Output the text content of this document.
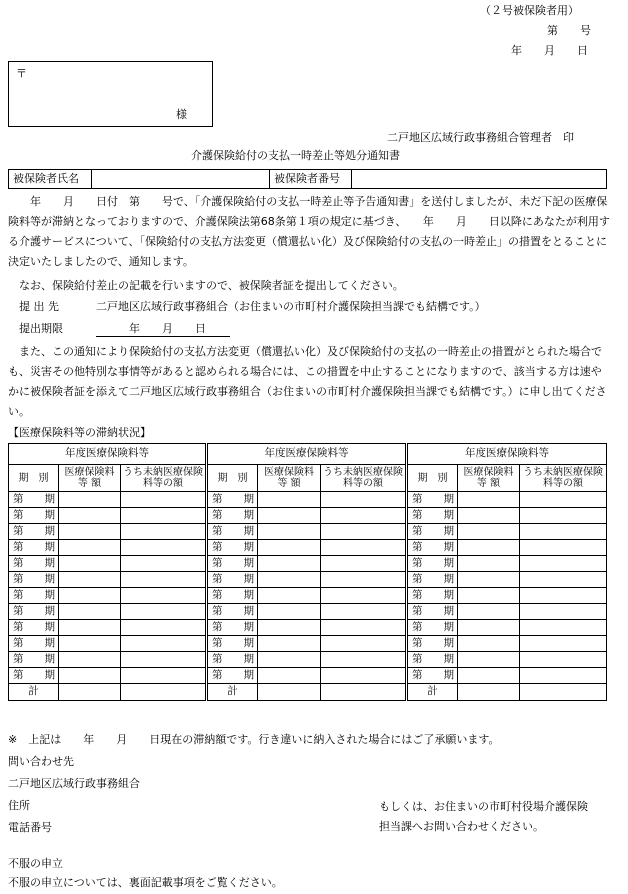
（２号被保険者用）
第　　号
年　　月　　日
〒
様
二戸地区広域行政事務組合管理者　印
介護保険給付の支払一時差止等処分通知書
被保険者氏名	被保険者番号
　　年　　月　　日付　第　　号で、「介護保険給付の支払一時差止等予告通知書」を送付しましたが、未だ下記の医療保険料等が滞納となっておりますので、介護保険法第68条第１項の規定に基づき、　　年　　月　　日以降にあなたが利用する介護サービスについて、「保険給付の支払方法変更（償還払い化）及び保険給付の支払の一時差止」の措置をとることに決定いたしましたので、通知します。
　なお、保険給付差止の記載を行いますので、被保険者証を提出してください。
　提 出 先	二戸地区広域行政事務組合（お住まいの市町村介護保険担当課でも結構です。）
　提出期限	　　　年　　月　　日
　また、この通知により保険給付の支払方法変更（償還払い化）及び保険給付の支払の一時差止の措置がとられた場合でも、災害その他特別な事情等があると認められる場合には、この措置を中止することになりますので、該当する方は速やかに被保険者証を添えて二戸地区広域行政事務組合（お住まいの市町村介護保険担当課でも結構です。）に申し出てください。
【医療保険料等の滞納状況】
年度医療保険料等		
期　別	医療保険料 等 額	うち未納医療保険料等の額
第　　期		
第　　期		
第　　期		
第　　期		
第　　期		
第　　期		
第　　期		
第　　期		
第　　期		
第　　期		
第　　期		
第　　期		
計		
年度医療保険料等		
期　別	医療保険料 等 額	うち未納医療保険料等の額
第　　期		
第　　期		
第　　期		
第　　期		
第　　期		
第　　期		
第　　期		
第　　期		
第　　期		
第　　期		
第　　期		
第　　期		
計		
年度医療保険料等		
期　別	医療保険料 等 額	うち未納医療保険料等の額
第　　期		
第　　期		
第　　期		
第　　期		
第　　期		
第　　期		
第　　期		
第　　期		
第　　期		
第　　期		
第　　期		
第　　期		
計		
※　上記は　　年　　月　　日現在の滞納額です。行き違いに納入された場合にはご了承願います。
問い合わせ先
二戸地区広域行政事務組合
住所
電話番号
もしくは、お住まいの市町村役場介護保険担当課へお問い合わせください。
不服の申立
不服の申立については、裏面記載事項をご覧ください。
